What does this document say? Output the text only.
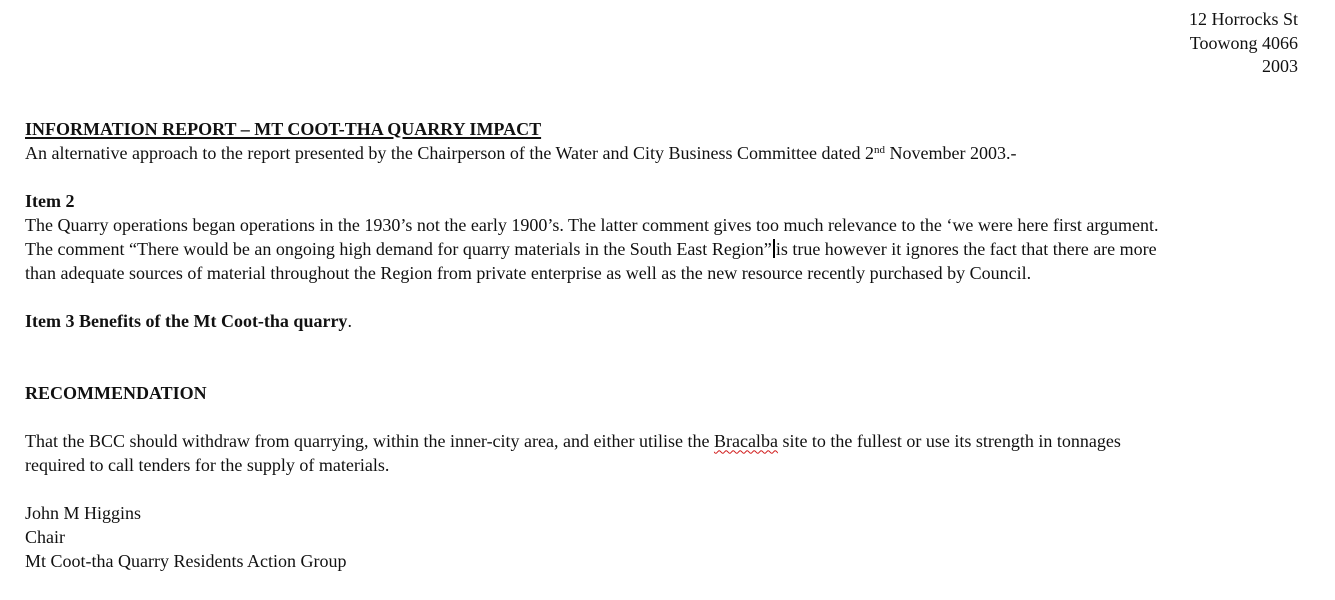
12 Horrocks St
Toowong 4066
2003
INFORMATION REPORT – MT COOT-THA QUARRY IMPACT
An alternative approach to the report presented by the Chairperson of the Water and City Business Committee dated 2nd November 2003.-
Item 2
The Quarry operations began operations in the 1930’s not the early 1900’s. The latter comment gives too much relevance to the ‘we were here first argument.
The comment “There would be an ongoing high demand for quarry materials in the South East Region” is true however it ignores the fact that there are more
than adequate sources of material throughout the Region from private enterprise as well as the new resource recently purchased by Council.
Item 3 Benefits of the Mt Coot-tha quarry.
RECOMMENDATION
That the BCC should withdraw from quarrying, within the inner-city area, and either utilise the Bracalba site to the fullest or use its strength in tonnages
required to call tenders for the supply of materials.
John M Higgins
Chair
Mt Coot-tha Quarry Residents Action Group
